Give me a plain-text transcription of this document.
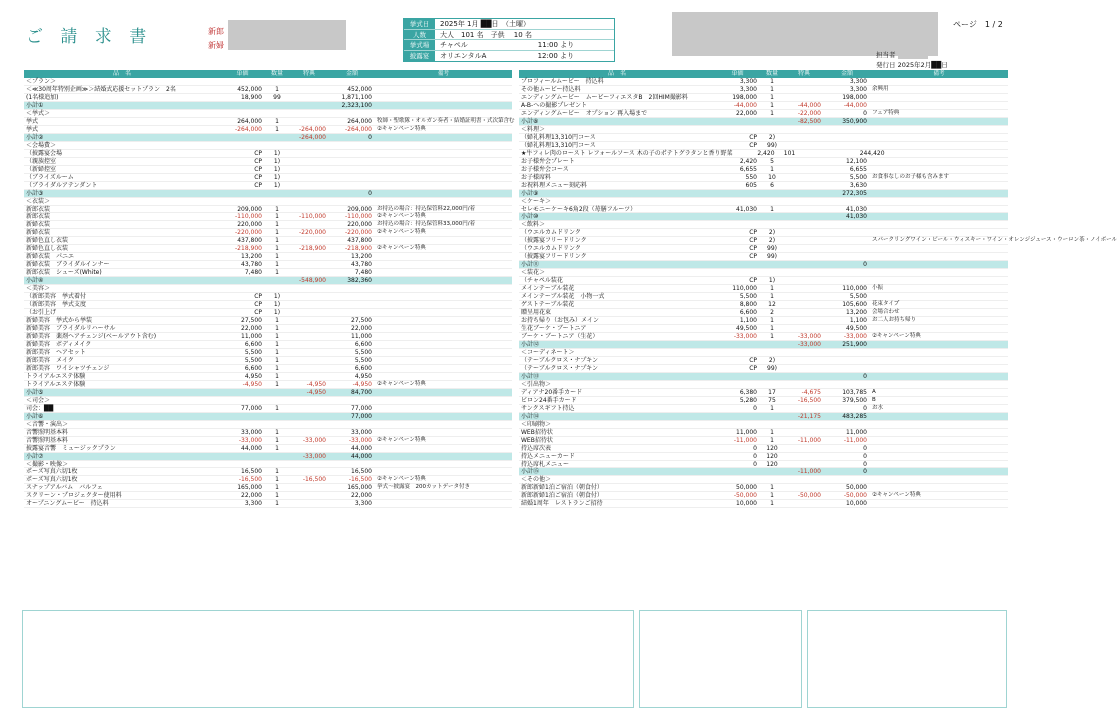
ご 請 求 書	新郎
新婦
挙式日	2025年 1月 ██日　（土曜）
人数	大人　101 名　子供　 10 名
挙式場	チャペル　　　　　　　　　　11:00 より
披露宴	オリエンタルA　　　　　　　 12:00 より
ページ　1 / 2
担当者
発行日 2025年2月██日
品　名	単価	数量	特典	金額	備考
＜プラン＞
＜≪30周年特別企画≫＞結婚式応援セットプラン　2名	452,000	1	452,000
(1名様追加)	18,900	99	1,871,100
小計①	2,323,100
＜挙式＞
挙式	264,000	1	264,000 牧師・聖歌隊・オルガン奏者・結婚証明書・式次第含む
挙式	-264,000	1	-264,000	-264,000 ②キャンペーン特典
小計②	-264,000	0
＜会場費＞
（披露宴会場	CP	1)
（親族控室	CP	1)
（新婦控室	CP	1)
（ブライズルーム	CP	1)
（ブライダルアテンダント	CP	1)
小計③	0
＜衣装＞
新郎衣装	209,000	1	209,000 お持込の場合：持込保管料22,000円/着
新郎衣装	-110,000	1	-110,000	-110,000 ②キャンペーン特典
新婦衣装	220,000	1	220,000 お持込の場合：持込保管料33,000円/着
新婦衣装	-220,000	1	-220,000	-220,000 ②キャンペーン特典
新婦色直し衣装	437,800	1	437,800
新婦色直し衣装	-218,900	1	-218,900	-218,900 ②キャンペーン特典
新婦衣装　パニエ	13,200	1	13,200
新婦衣装　ブライダルインナー	43,780	1	43,780
新郎衣装　シューズ(White)	7,480	1	7,480
小計④	-548,900	382,360
＜美容＞
（新郎美容　挙式着付	CP	1)
（新郎美容　挙式支度	CP	1)
（お引上げ	CP	1)
新婦美容　挙式から挙装	27,500	1	27,500
新婦美容　ブライダルリハーサル	22,000	1	22,000
新婦美容　薬剤ヘアチェンジ(ベールアウト含む)	11,000	1	11,000
新婦美容　ボディメイク	6,600	1	6,600
新郎美容　ヘアセット	5,500	1	5,500
新郎美容　メイク	5,500	1	5,500
新郎美容　ワイシャツチェンジ	6,600	1	6,600
トライアルエステ体験	4,950	1	4,950
トライアルエステ体験	-4,950	1	-4,950	-4,950 ②キャンペーン特典
小計⑤	-4,950	84,700
＜司会＞
司会：██	77,000	1	77,000
小計⑥	77,000
＜音響・演出＞
音響照明基本料	33,000	1	33,000
音響照明基本料	-33,000	1	-33,000	-33,000 ②キャンペーン特典
披露宴音響　ミュージックプラン	44,000	1	44,000
小計⑦	-33,000	44,000
＜撮影・映像＞
ポーズ写真六切1枚	16,500	1	16,500
ポーズ写真六切1枚	-16,500	1	-16,500	-16,500 ②キャンペーン特典
スナップアルバム　バルフェ	165,000	1	165,000 挙式〜披露宴　200カットデータ付き
スクリーン・プロジェクター使用料	22,000	1	22,000
オープニングムービー　持込料	3,300	1	3,300
品　名	単価	数量	特典	金額	備考
プロフィールムービー　持込料	3,300	1	3,300
その他ムービー持込料	3,300	1	3,300 余興用
エンディングムービー　ムービーフィエスタB　2回HIM撮影料	198,000	1	198,000
A-B-への撮影プレゼント	-44,000	1	-44,000	-44,000
エンディングムービー　オプション 再入場まで	22,000	1	-22,000	0 フェア特典
小計⑧	-82,500	350,900
＜料理＞
（婦礼料理13,310円コース	CP	2)
（婦礼料理13,310円コース	CP	99)
★牛フィレ肉のロースト レフォールソース 木の子のポテトグラタンと香り野菜	2,420	101	244,420
お子様弁会プレート	2,420	5	12,100
お子様弁会コース	6,655	1	6,655
お子様席料	550	10	5,500 お食事なしのお子様も含みます
お祝料理メニュー刻応料	605	6	3,630
小計⑨	272,305
＜ケーキ＞
セレモニーケーキ6角2段（苺膳フルーツ）	41,030	1	41,030
小計⑩	41,030
＜飲料＞
（ウエルカムドリンク	CP	2)
（披露宴フリードリンク	CP	2)	スパークリングワイン・ビール・ウィスキー・ワイン・オレンジジュース・ウーロン茶・ノイボール
（ウエルカムドリンク	CP	99)
（披露宴フリードリンク	CP	99)
小計⑪	0
＜装花＞
（チャペル装花	CP	1)
メインテーブル装花	110,000	1	110,000 小振
メインテーブル装花　小物一式	5,500	1	5,500
ゲストテーブル装花	8,800	12	105,600 花束タイプ
贈呈用花束	6,600	2	13,200 会場合わせ
お持ち帰り（お包み）メイン	1,100	1	1,100 お二人お持ち帰り
生花ブーケ・ブートニア	49,500	1	49,500
ブーケ・ブートニア（生花）	-33,000	1	-33,000	-33,000 ②キャンペーン特典
小計⑫	-33,000	251,900
＜コーディネート＞
（テーブルクロス・ナプキン	CP	2)
（テーブルクロス・ナプキン	CP	99)
小計⑬	0
＜引出物＞
ディアナ20番手カード	6,380	17	-4,675	103,785 A
ビロン24番手カード	5,280	75	-16,500	379,500 B
サンクスギフト持込	0	1	0 お水
小計⑭	-21,175	483,285
＜印刷物＞
WEB招待状	11,000	1	11,000
WEB招待状	-11,000	1	-11,000	-11,000
持込席次表	0	120	0
持込メニューカード	0	120	0
持込席札メニュー	0	120	0
小計⑮	-11,000	0
＜その他＞
新郎新婦1泊ご宿泊（朝食付）	50,000	1	50,000
新郎新婦1泊ご宿泊（朝食付）	-50,000	1	-50,000	-50,000 ②キャンペーン特典
結婚1周年　レストランご招待	10,000	1	10,000
